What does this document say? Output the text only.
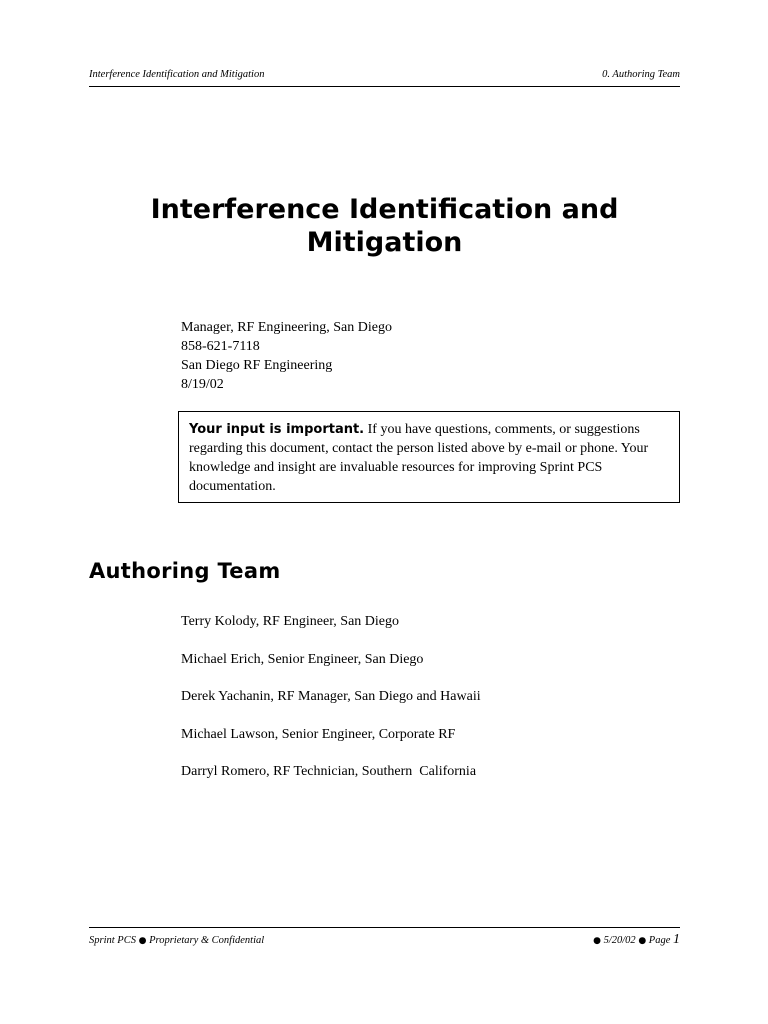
Interference Identification and Mitigation	0. Authoring Team
Interference Identification and
Mitigation
Manager, RF Engineering, San Diego
858-621-7118
San Diego RF Engineering
8/19/02
Your input is important. If you have questions, comments, or suggestions regarding this document, contact the person listed above by e-mail or phone. Your knowledge and insight are invaluable resources for improving Sprint PCS documentation.
Authoring Team
Terry Kolody, RF Engineer, San Diego
Michael Erich, Senior Engineer, San Diego
Derek Yachanin, RF Manager, San Diego and Hawaii
Michael Lawson, Senior Engineer, Corporate RF
Darryl Romero, RF Technician, Southern  California
Sprint PCS ● Proprietary & Confidential	● 5/20/02 ● Page 1
